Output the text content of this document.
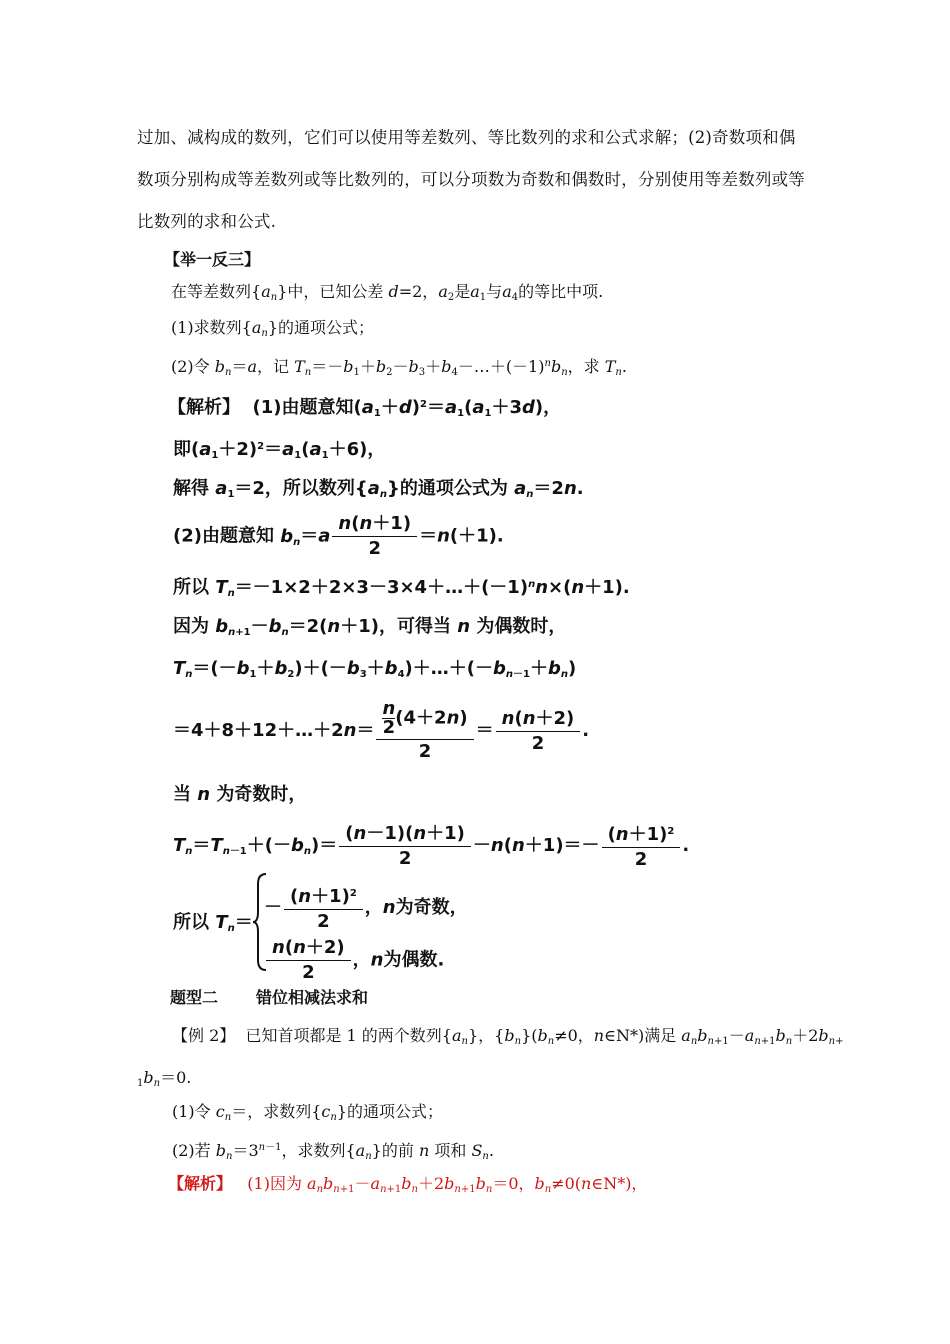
过加、减构成的数列，它们可以使用等差数列、等比数列的求和公式求解；(2)奇数项和偶
数项分别构成等差数列或等比数列的，可以分项数为奇数和偶数时，分别使用等差数列或等
比数列的求和公式.
【举一反三】
在等差数列$\{a_n\}$中，已知公差 d=2，$a_2$是$a_1$与$a_4$的等比中项.
(1)求数列$\{a_n\}$的通项公式；
(2)令 $b_n=a$，记 $T_n=-b_1+b_2-b_3+b_4-\dots+(-1)^nb_n$，求 $T_n$.
【解析】 (1)由题意知$(a_1+d)^2=a_1(a_1+3d)$，
即$(a_1+2)^2=a_1(a_1+6)$，
解得 $a_1=2$，所以数列$\{a_n\}$的通项公式为 $a_n=2n$.
(2)由题意知 $b_n=a \frac{n(n+1)}{2} =n(+1)$.
所以 $T_n=-1\times 2+2\times 3-3\times 4+\dots+(-1)^nn\times(n+1)$.
因为 $b_{n+1}-b_n=2(n+1)$，可得当 n 为偶数时，
$T_n=(-b_1+b_2)+(-b_3+b_4)+\dots+(-b_{n-1}+b_n)$
＝4＋8＋12＋…＋2n＝ $\frac{\frac{n}{2} (4+2n)}{2} = \frac{n(n+2)}{2}$ .
当 n 为奇数时，
$T_n=T_{n-1}+(-b_n)= \frac{(n-1)(n+1)}{2} -n(n+1)=- \frac{(n+1)^2}{2}$ .
所以 $T_n=$
－ $\frac{(n+1)^2}{2}$ ，n为奇数，
$\frac{n(n+2)}{2}$ ，n为偶数.
题型二 错位相减法求和
【例 2】 已知首项都是 1 的两个数列$\{a_n\}$，$\{b_n\}(b_n\ne 0$，n∈N*)满足 $a_nb_{n+1}-a_{n+1}b_n+2b_{n+}$
$_1b_n=0$.
(1)令 $c_n=$，求数列$\{c_n\}$的通项公式；
(2)若 $b_n=3^{n-1}$，求数列$\{a_n\}$的前 n 项和 $S_n$.
【解析】 (1)因为 $a_nb_{n+1}-a_{n+1}b_n+2b_{n+1}b_n=0$，$b_n\ne 0(n\in N*)$，
